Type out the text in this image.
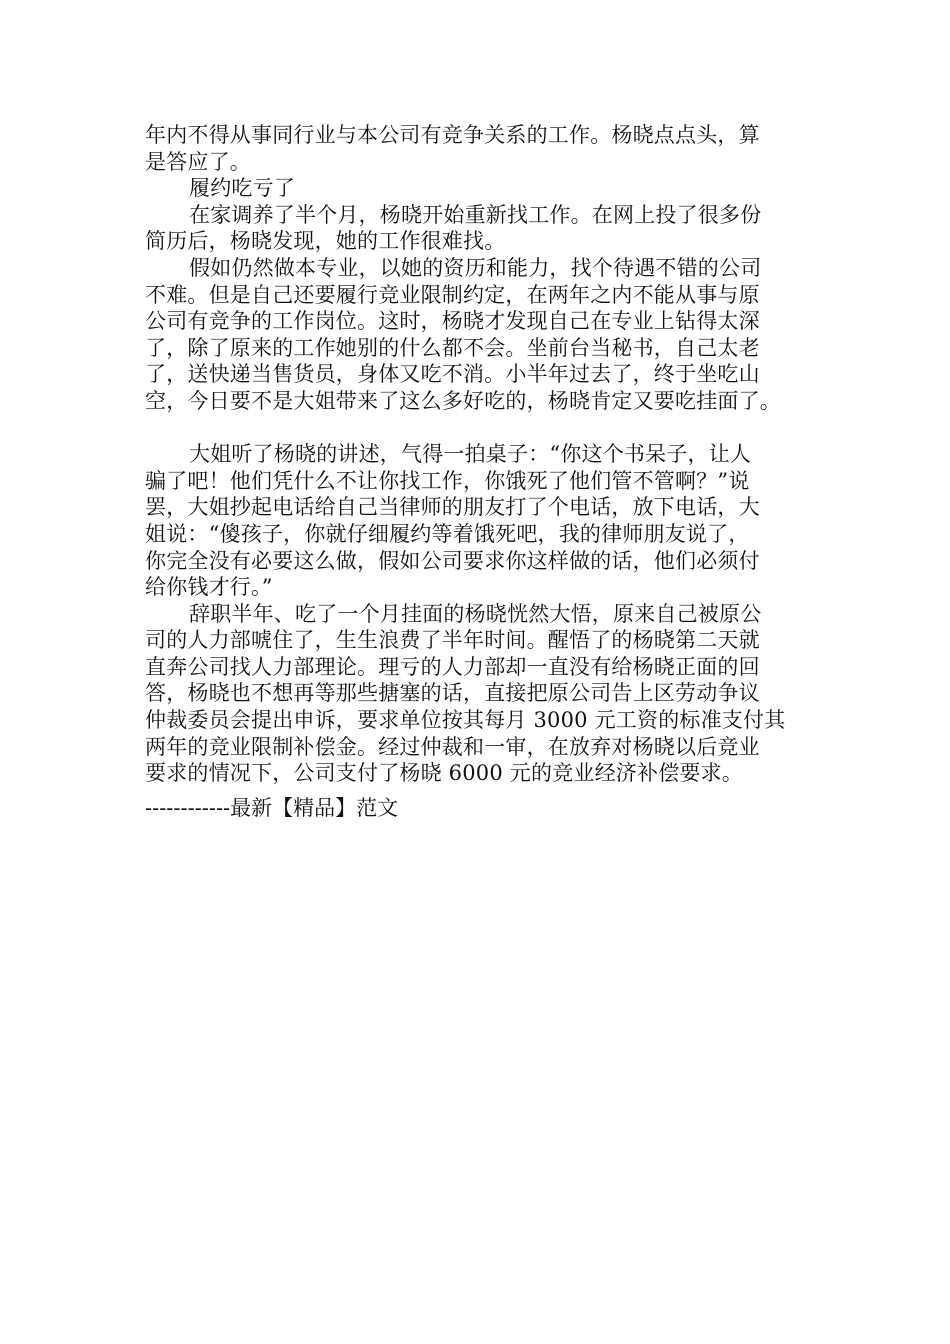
年内不得从事同行业与本公司有竞争关系的工作。杨晓点点头，算
是答应了。
履约吃亏了
在家调养了半个月，杨晓开始重新找工作。在网上投了很多份
简历后，杨晓发现，她的工作很难找。
假如仍然做本专业，以她的资历和能力，找个待遇不错的公司
不难。但是自己还要履行竞业限制约定，在两年之内不能从事与原
公司有竞争的工作岗位。这时，杨晓才发现自己在专业上钻得太深
了，除了原来的工作她别的什么都不会。坐前台当秘书，自己太老
了，送快递当售货员，身体又吃不消。小半年过去了，终于坐吃山
空，今日要不是大姐带来了这么多好吃的，杨晓肯定又要吃挂面了。
大姐听了杨晓的讲述，气得一拍桌子：“你这个书呆子，让人
骗了吧！他们凭什么不让你找工作，你饿死了他们管不管啊？”说
罢，大姐抄起电话给自己当律师的朋友打了个电话，放下电话，大
姐说：“傻孩子，你就仔细履约等着饿死吧，我的律师朋友说了，
你完全没有必要这么做，假如公司要求你这样做的话，他们必须付
给你钱才行。”
辞职半年、吃了一个月挂面的杨晓恍然大悟，原来自己被原公
司的人力部唬住了，生生浪费了半年时间。醒悟了的杨晓第二天就
直奔公司找人力部理论。理亏的人力部却一直没有给杨晓正面的回
答，杨晓也不想再等那些搪塞的话，直接把原公司告上区劳动争议
仲裁委员会提出申诉，要求单位按其每月 3000 元工资的标准支付其
两年的竞业限制补偿金。经过仲裁和一审，在放弃对杨晓以后竞业
要求的情况下，公司支付了杨晓 6000 元的竞业经济补偿要求。
------------最新【精品】范文
